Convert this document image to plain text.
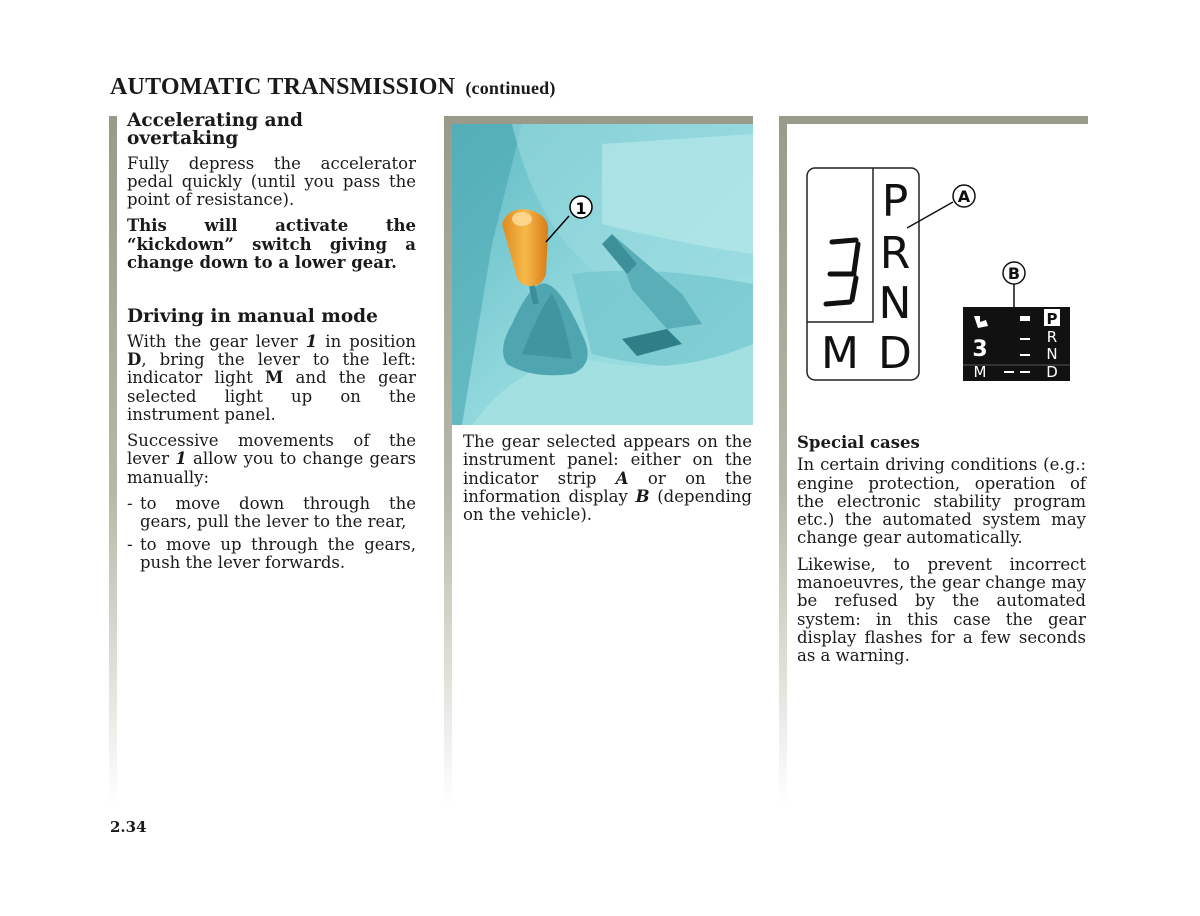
AUTOMATIC TRANSMISSION (continued)
Accelerating and overtaking

Fully depress the accelerator pedal quickly (until you pass the point of resistance).

This will activate the “kickdown” switch giving a change down to a lower gear.

Driving in manual mode

With the gear lever 1 in position D, bring the lever to the left: indicator light M and the gear selected light up on the instrument panel.

Successive movements of the lever 1 allow you to change gears manually:

- to move down through the gears, pull the lever to the rear,
- to move up through the gears, push the lever forwards.
1

The gear selected appears on the instrument panel: either on the indicator strip A or on the information display B (depending on the vehicle).

P
R
N
D
M
A
B
3
P
R
N
D
M
Special cases

In certain driving conditions (e.g.: engine protection, operation of the electronic stability program etc.) the automated system may change gear automatically.

Likewise, to prevent incorrect manoeuvres, the gear change may be refused by the automated system: in this case the gear display flashes for a few seconds as a warning.

2.34
